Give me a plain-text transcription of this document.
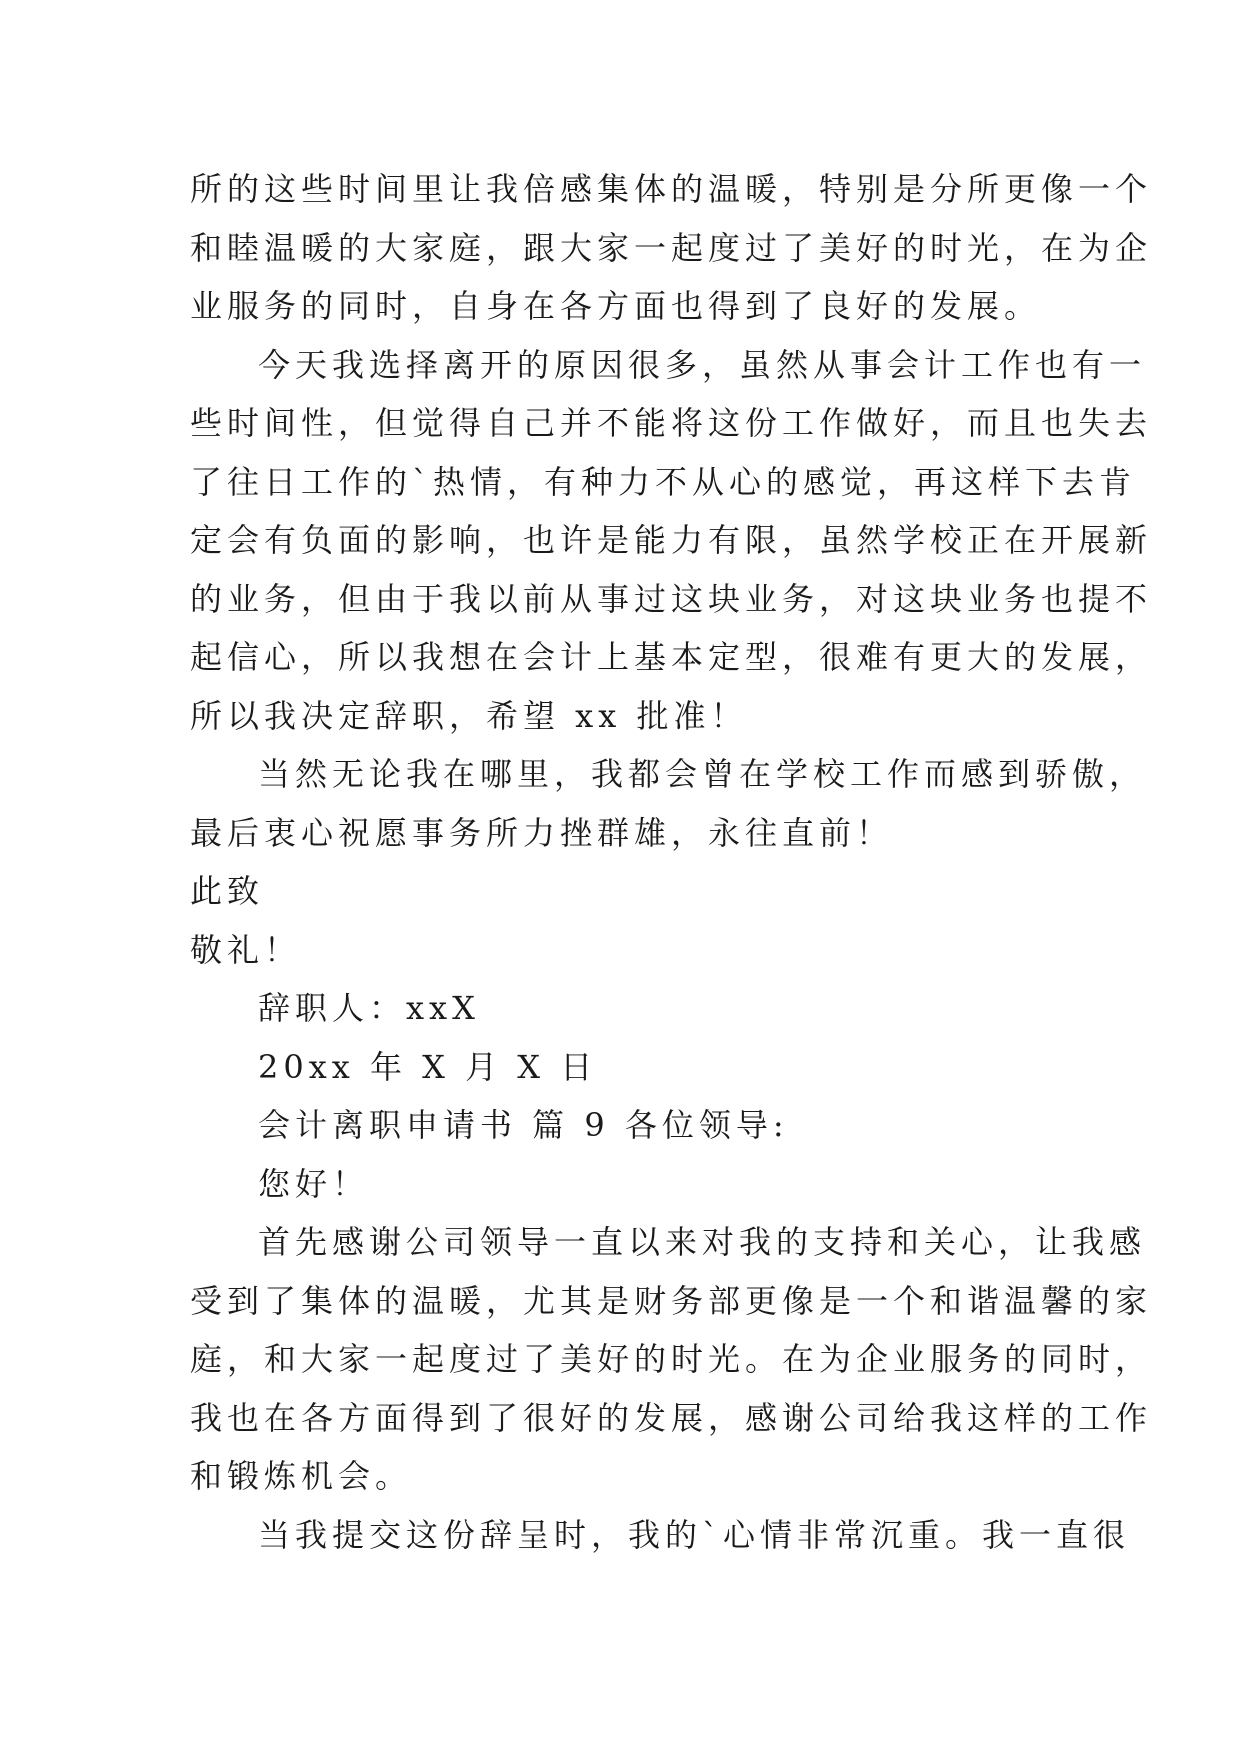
所的这些时间里让我倍感集体的温暖，特别是分所更像一个
和睦温暖的大家庭，跟大家一起度过了美好的时光，在为企
业服务的同时，自身在各方面也得到了良好的发展。
今天我选择离开的原因很多，虽然从事会计工作也有一
些时间性，但觉得自己并不能将这份工作做好，而且也失去
了往日工作的`热情，有种力不从心的感觉，再这样下去肯
定会有负面的影响，也许是能力有限，虽然学校正在开展新
的业务，但由于我以前从事过这块业务，对这块业务也提不
起信心，所以我想在会计上基本定型，很难有更大的发展，
所以我决定辞职，希望 xx 批准！
当然无论我在哪里，我都会曾在学校工作而感到骄傲，
最后衷心祝愿事务所力挫群雄，永往直前！
此致
敬礼！
辞职人：xxX
20xx 年 X 月 X 日
会计离职申请书 篇 9 各位领导:
您好！
首先感谢公司领导一直以来对我的支持和关心，让我感
受到了集体的温暖，尤其是财务部更像是一个和谐温馨的家
庭，和大家一起度过了美好的时光。在为企业服务的同时，
我也在各方面得到了很好的发展，感谢公司给我这样的工作
和锻炼机会。
当我提交这份辞呈时，我的`心情非常沉重。我一直很
